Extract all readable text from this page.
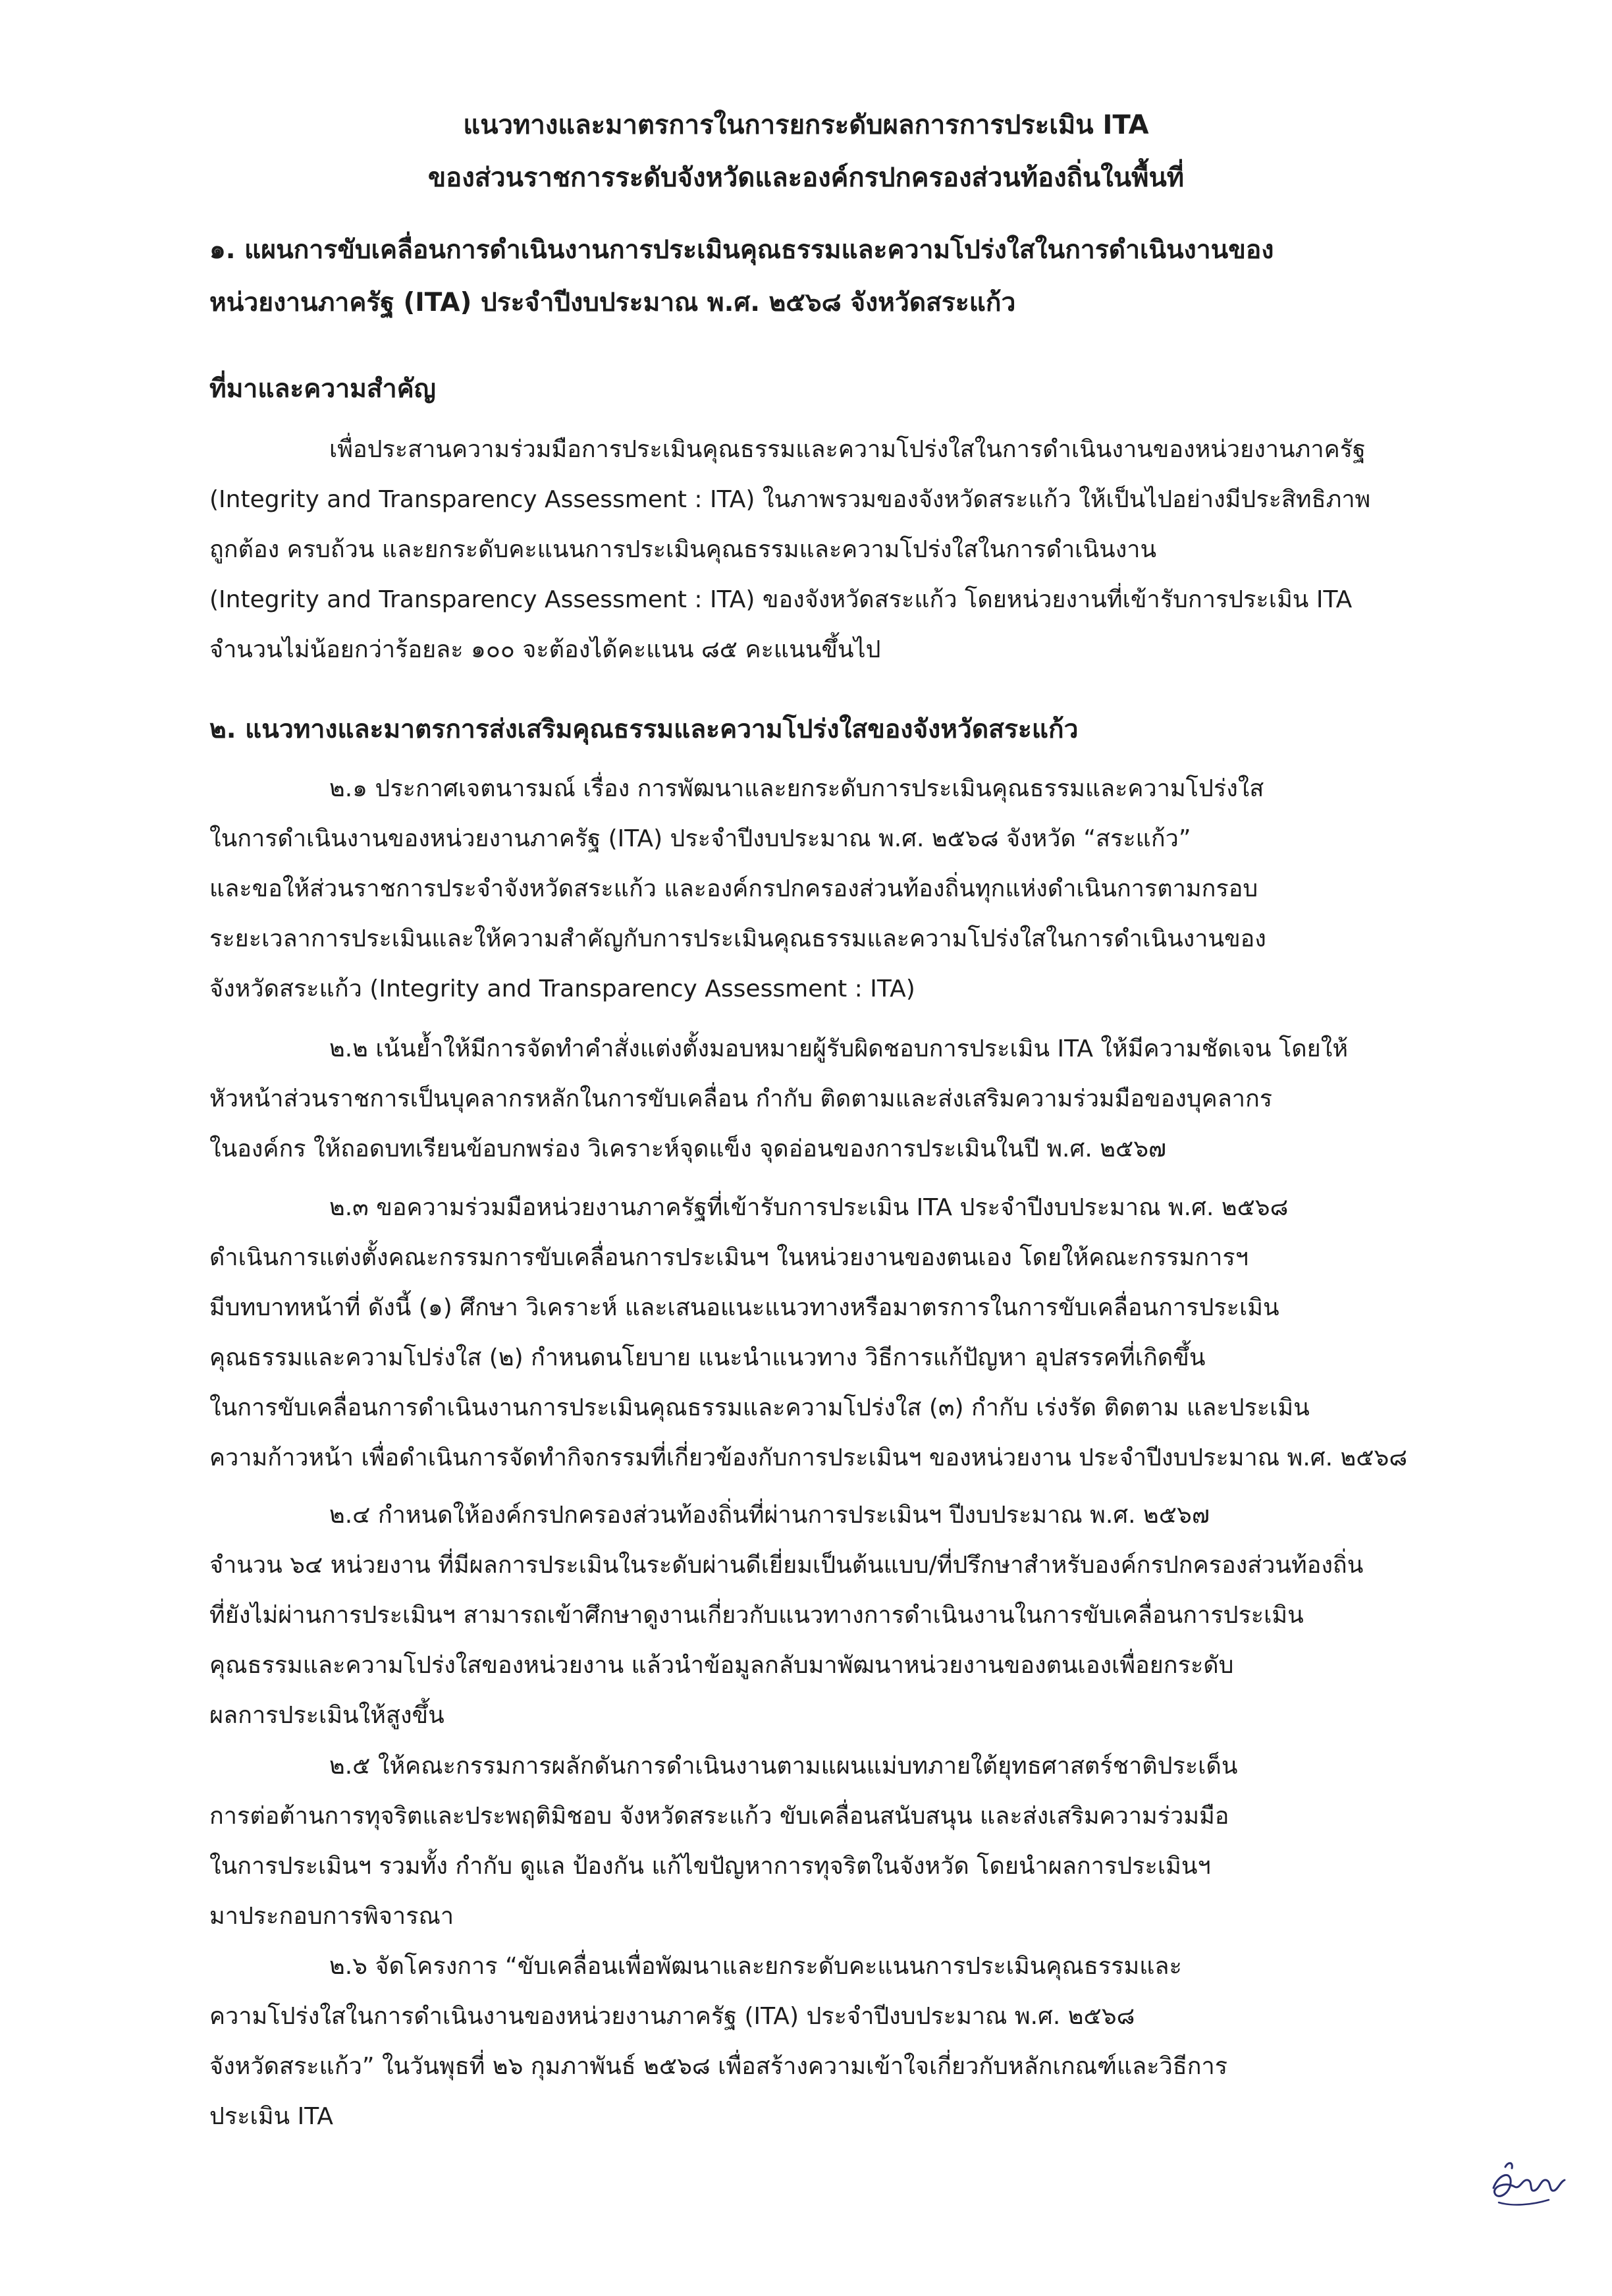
แนวทางและมาตรการในการยกระดับผลการการประเมิน ITA
ของส่วนราชการระดับจังหวัดและองค์กรปกครองส่วนท้องถิ่นในพื้นที่
๑. แผนการขับเคลื่อนการดำเนินงานการประเมินคุณธรรมและความโปร่งใสในการดำเนินงานของ
หน่วยงานภาครัฐ (ITA) ประจำปีงบประมาณ พ.ศ. ๒๕๖๘ จังหวัดสระแก้ว
ที่มาและความสำคัญ
เพื่อประสานความร่วมมือการประเมินคุณธรรมและความโปร่งใสในการดำเนินงานของหน่วยงานภาครัฐ
(Integrity and Transparency Assessment : ITA) ในภาพรวมของจังหวัดสระแก้ว ให้เป็นไปอย่างมีประสิทธิภาพ
ถูกต้อง ครบถ้วน และยกระดับคะแนนการประเมินคุณธรรมและความโปร่งใสในการดำเนินงาน
(Integrity and Transparency Assessment : ITA) ของจังหวัดสระแก้ว โดยหน่วยงานที่เข้ารับการประเมิน ITA
จำนวนไม่น้อยกว่าร้อยละ ๑๐๐ จะต้องได้คะแนน ๘๕ คะแนนขึ้นไป
๒. แนวทางและมาตรการส่งเสริมคุณธรรมและความโปร่งใสของจังหวัดสระแก้ว
๒.๑ ประกาศเจตนารมณ์ เรื่อง การพัฒนาและยกระดับการประเมินคุณธรรมและความโปร่งใส
ในการดำเนินงานของหน่วยงานภาครัฐ (ITA) ประจำปีงบประมาณ พ.ศ. ๒๕๖๘ จังหวัด “สระแก้ว”
และขอให้ส่วนราชการประจำจังหวัดสระแก้ว และองค์กรปกครองส่วนท้องถิ่นทุกแห่งดำเนินการตามกรอบ
ระยะเวลาการประเมินและให้ความสำคัญกับการประเมินคุณธรรมและความโปร่งใสในการดำเนินงานของ
จังหวัดสระแก้ว (Integrity and Transparency Assessment : ITA)
๒.๒ เน้นย้ำให้มีการจัดทำคำสั่งแต่งตั้งมอบหมายผู้รับผิดชอบการประเมิน ITA ให้มีความชัดเจน โดยให้
หัวหน้าส่วนราชการเป็นบุคลากรหลักในการขับเคลื่อน กำกับ ติดตามและส่งเสริมความร่วมมือของบุคลากร
ในองค์กร ให้ถอดบทเรียนข้อบกพร่อง วิเคราะห์จุดแข็ง จุดอ่อนของการประเมินในปี พ.ศ. ๒๕๖๗
๒.๓ ขอความร่วมมือหน่วยงานภาครัฐที่เข้ารับการประเมิน ITA ประจำปีงบประมาณ พ.ศ. ๒๕๖๘
ดำเนินการแต่งตั้งคณะกรรมการขับเคลื่อนการประเมินฯ ในหน่วยงานของตนเอง โดยให้คณะกรรมการฯ
มีบทบาทหน้าที่ ดังนี้ (๑) ศึกษา วิเคราะห์ และเสนอแนะแนวทางหรือมาตรการในการขับเคลื่อนการประเมิน
คุณธรรมและความโปร่งใส (๒) กำหนดนโยบาย แนะนำแนวทาง วิธีการแก้ปัญหา อุปสรรคที่เกิดขึ้น
ในการขับเคลื่อนการดำเนินงานการประเมินคุณธรรมและความโปร่งใส (๓) กำกับ เร่งรัด ติดตาม และประเมิน
ความก้าวหน้า เพื่อดำเนินการจัดทำกิจกรรมที่เกี่ยวข้องกับการประเมินฯ ของหน่วยงาน ประจำปีงบประมาณ พ.ศ. ๒๕๖๘
๒.๔ กำหนดให้องค์กรปกครองส่วนท้องถิ่นที่ผ่านการประเมินฯ ปีงบประมาณ พ.ศ. ๒๕๖๗
จำนวน ๖๔ หน่วยงาน ที่มีผลการประเมินในระดับผ่านดีเยี่ยมเป็นต้นแบบ/ที่ปรึกษาสำหรับองค์กรปกครองส่วนท้องถิ่น
ที่ยังไม่ผ่านการประเมินฯ สามารถเข้าศึกษาดูงานเกี่ยวกับแนวทางการดำเนินงานในการขับเคลื่อนการประเมิน
คุณธรรมและความโปร่งใสของหน่วยงาน แล้วนำข้อมูลกลับมาพัฒนาหน่วยงานของตนเองเพื่อยกระดับ
ผลการประเมินให้สูงขึ้น
๒.๕ ให้คณะกรรมการผลักดันการดำเนินงานตามแผนแม่บทภายใต้ยุทธศาสตร์ชาติประเด็น
การต่อต้านการทุจริตและประพฤติมิชอบ จังหวัดสระแก้ว ขับเคลื่อนสนับสนุน และส่งเสริมความร่วมมือ
ในการประเมินฯ รวมทั้ง กำกับ ดูแล ป้องกัน แก้ไขปัญหาการทุจริตในจังหวัด โดยนำผลการประเมินฯ
มาประกอบการพิจารณา
๒.๖ จัดโครงการ “ขับเคลื่อนเพื่อพัฒนาและยกระดับคะแนนการประเมินคุณธรรมและ
ความโปร่งใสในการดำเนินงานของหน่วยงานภาครัฐ (ITA) ประจำปีงบประมาณ พ.ศ. ๒๕๖๘
จังหวัดสระแก้ว” ในวันพุธที่ ๒๖ กุมภาพันธ์ ๒๕๖๘ เพื่อสร้างความเข้าใจเกี่ยวกับหลักเกณฑ์และวิธีการ
ประเมิน ITA
